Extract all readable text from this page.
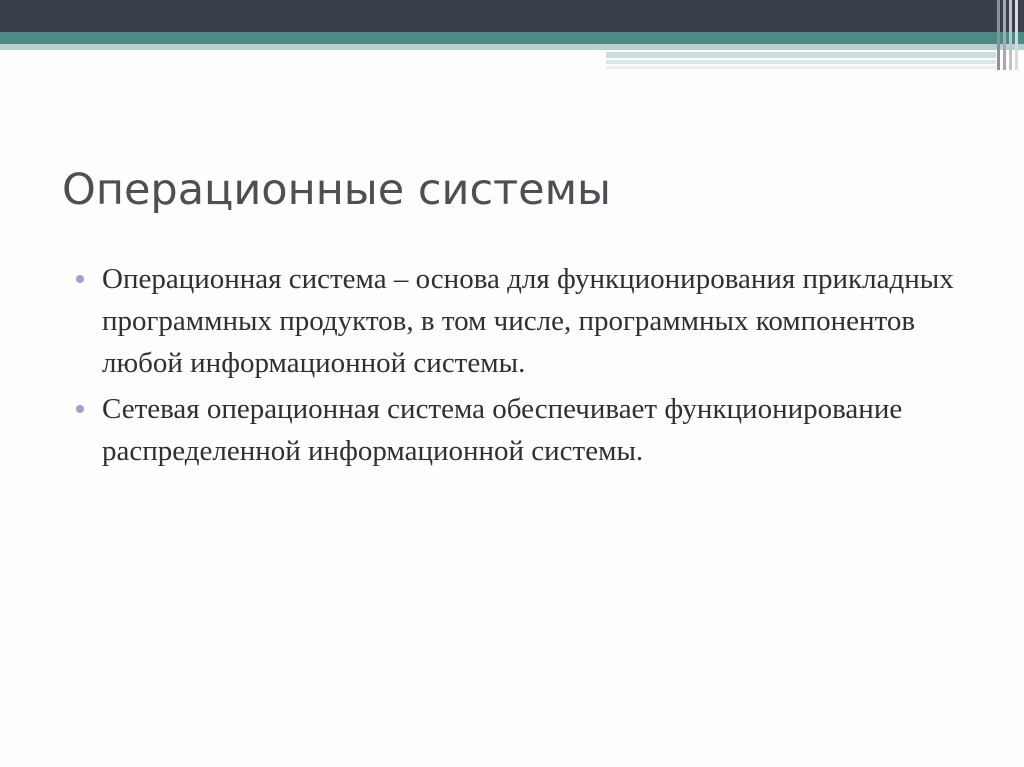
Операционные системы
Операционная система – основа для функционирования прикладных программных продуктов, в том числе, программных компонентов любой информационной системы.
Сетевая операционная система обеспечивает функционирование распределенной информационной системы.
